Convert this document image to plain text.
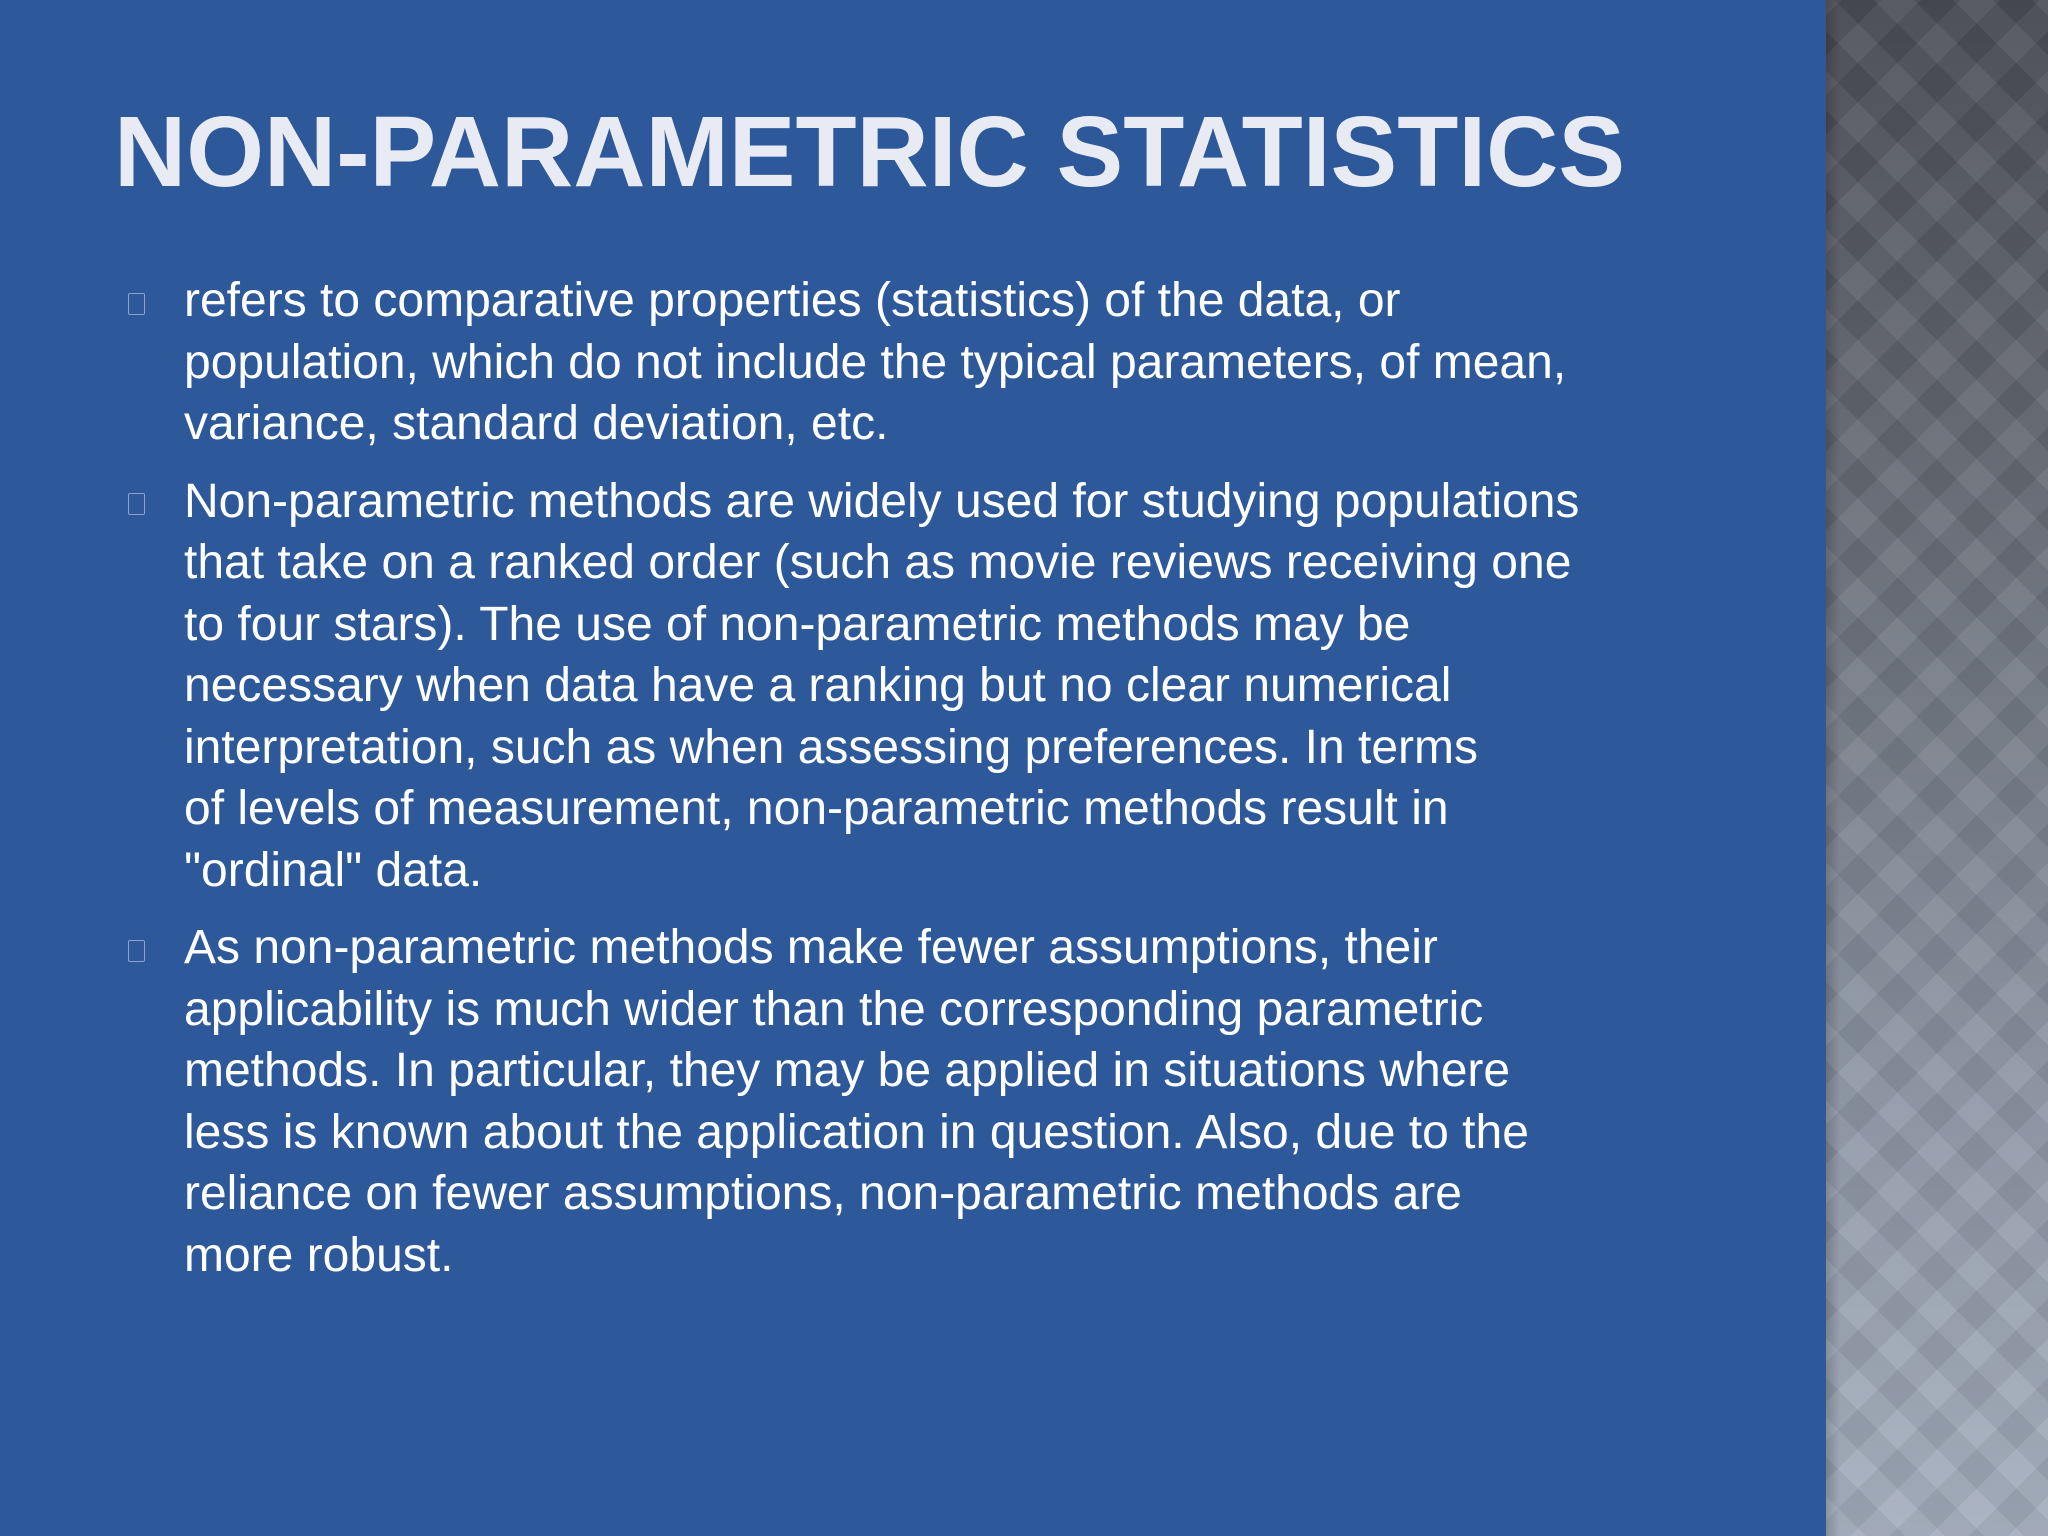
NON-PARAMETRIC STATISTICS
refers to comparative properties (statistics) of the data, or
population, which do not include the typical parameters, of mean,
variance, standard deviation, etc.
Non-parametric methods are widely used for studying populations
that take on a ranked order (such as movie reviews receiving one
to four stars). The use of non-parametric methods may be
necessary when data have a ranking but no clear numerical
interpretation, such as when assessing preferences. In terms
of levels of measurement, non-parametric methods result in
"ordinal" data.
As non-parametric methods make fewer assumptions, their
applicability is much wider than the corresponding parametric
methods. In particular, they may be applied in situations where
less is known about the application in question. Also, due to the
reliance on fewer assumptions, non-parametric methods are
more robust.
